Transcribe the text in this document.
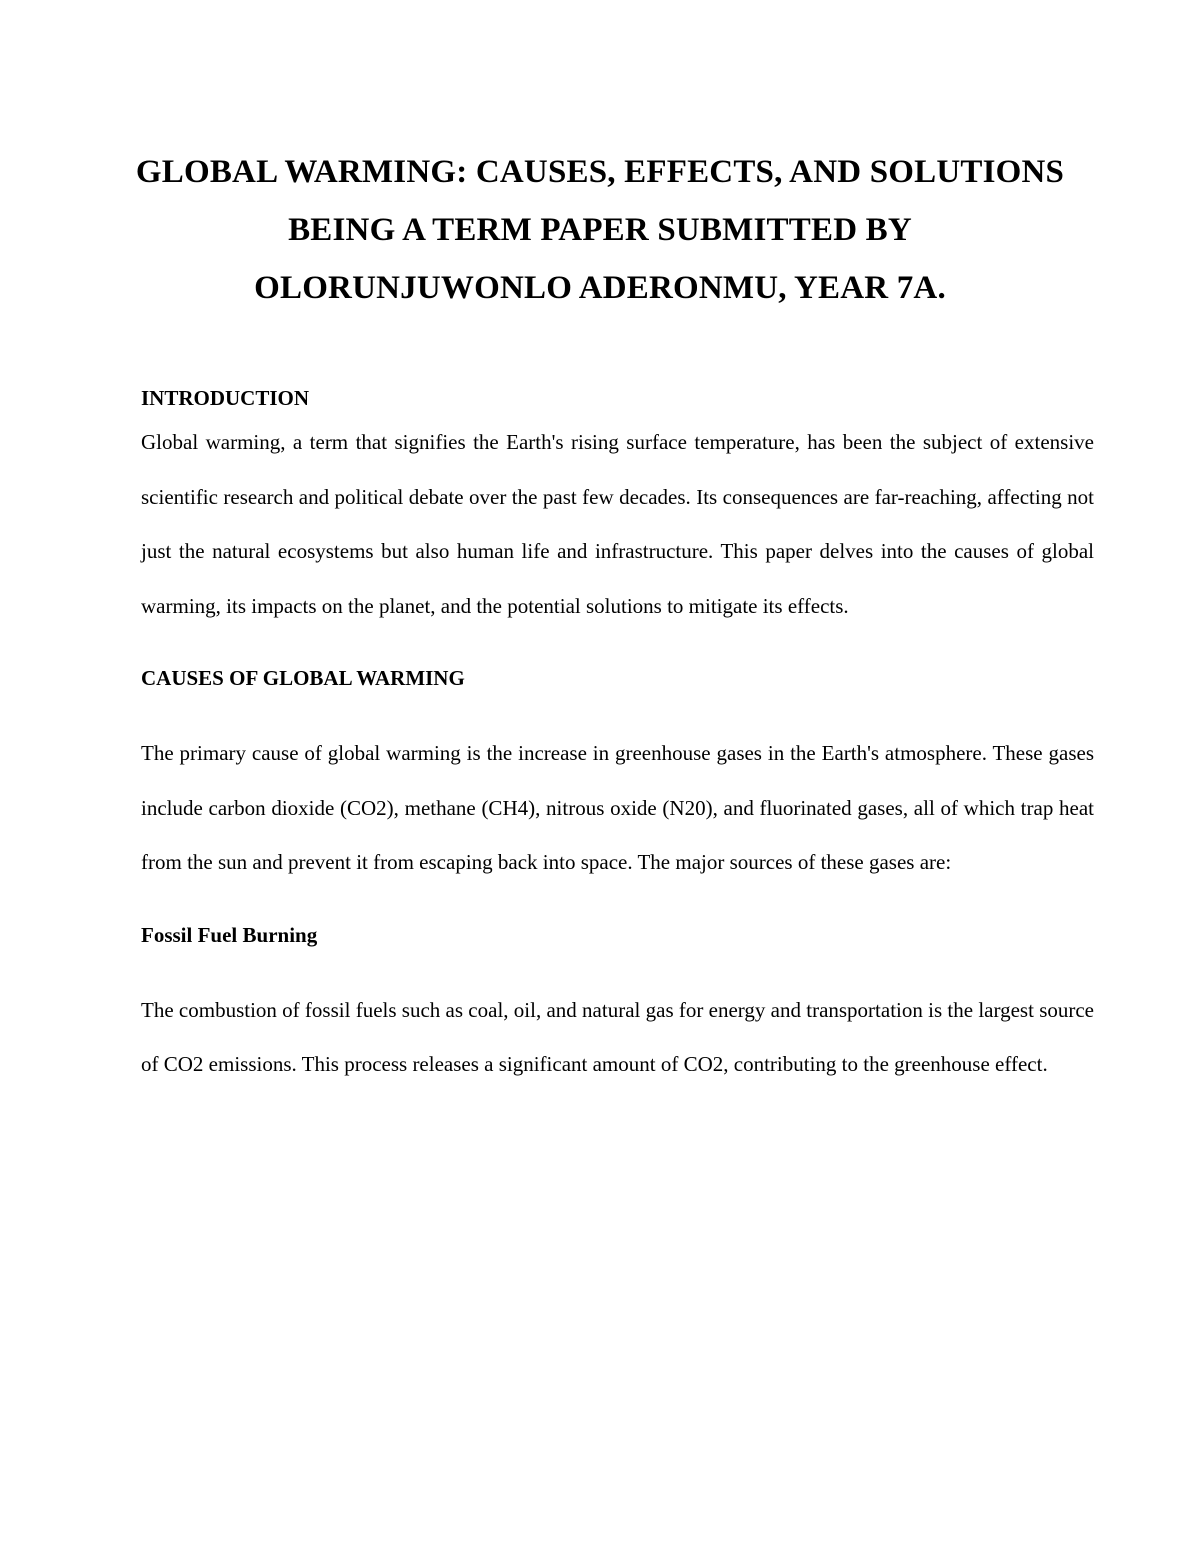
GLOBAL WARMING: CAUSES, EFFECTS, AND SOLUTIONS
BEING A TERM PAPER SUBMITTED BY
OLORUNJUWONLO ADERONMU, YEAR 7A.

INTRODUCTION

Global warming, a term that signifies the Earth's rising surface temperature, has been the subject of extensive scientific research and political debate over the past few decades. Its consequences are far-reaching, affecting not just the natural ecosystems but also human life and infrastructure. This paper delves into the causes of global warming, its impacts on the planet, and the potential solutions to mitigate its effects.

CAUSES OF GLOBAL WARMING

The primary cause of global warming is the increase in greenhouse gases in the Earth's atmosphere. These gases include carbon dioxide (CO2), methane (CH4), nitrous oxide (N20), and fluorinated gases, all of which trap heat from the sun and prevent it from escaping back into space. The major sources of these gases are:

Fossil Fuel Burning

The combustion of fossil fuels such as coal, oil, and natural gas for energy and transportation is the largest source of CO2 emissions. This process releases a significant amount of CO2, contributing to the greenhouse effect.
